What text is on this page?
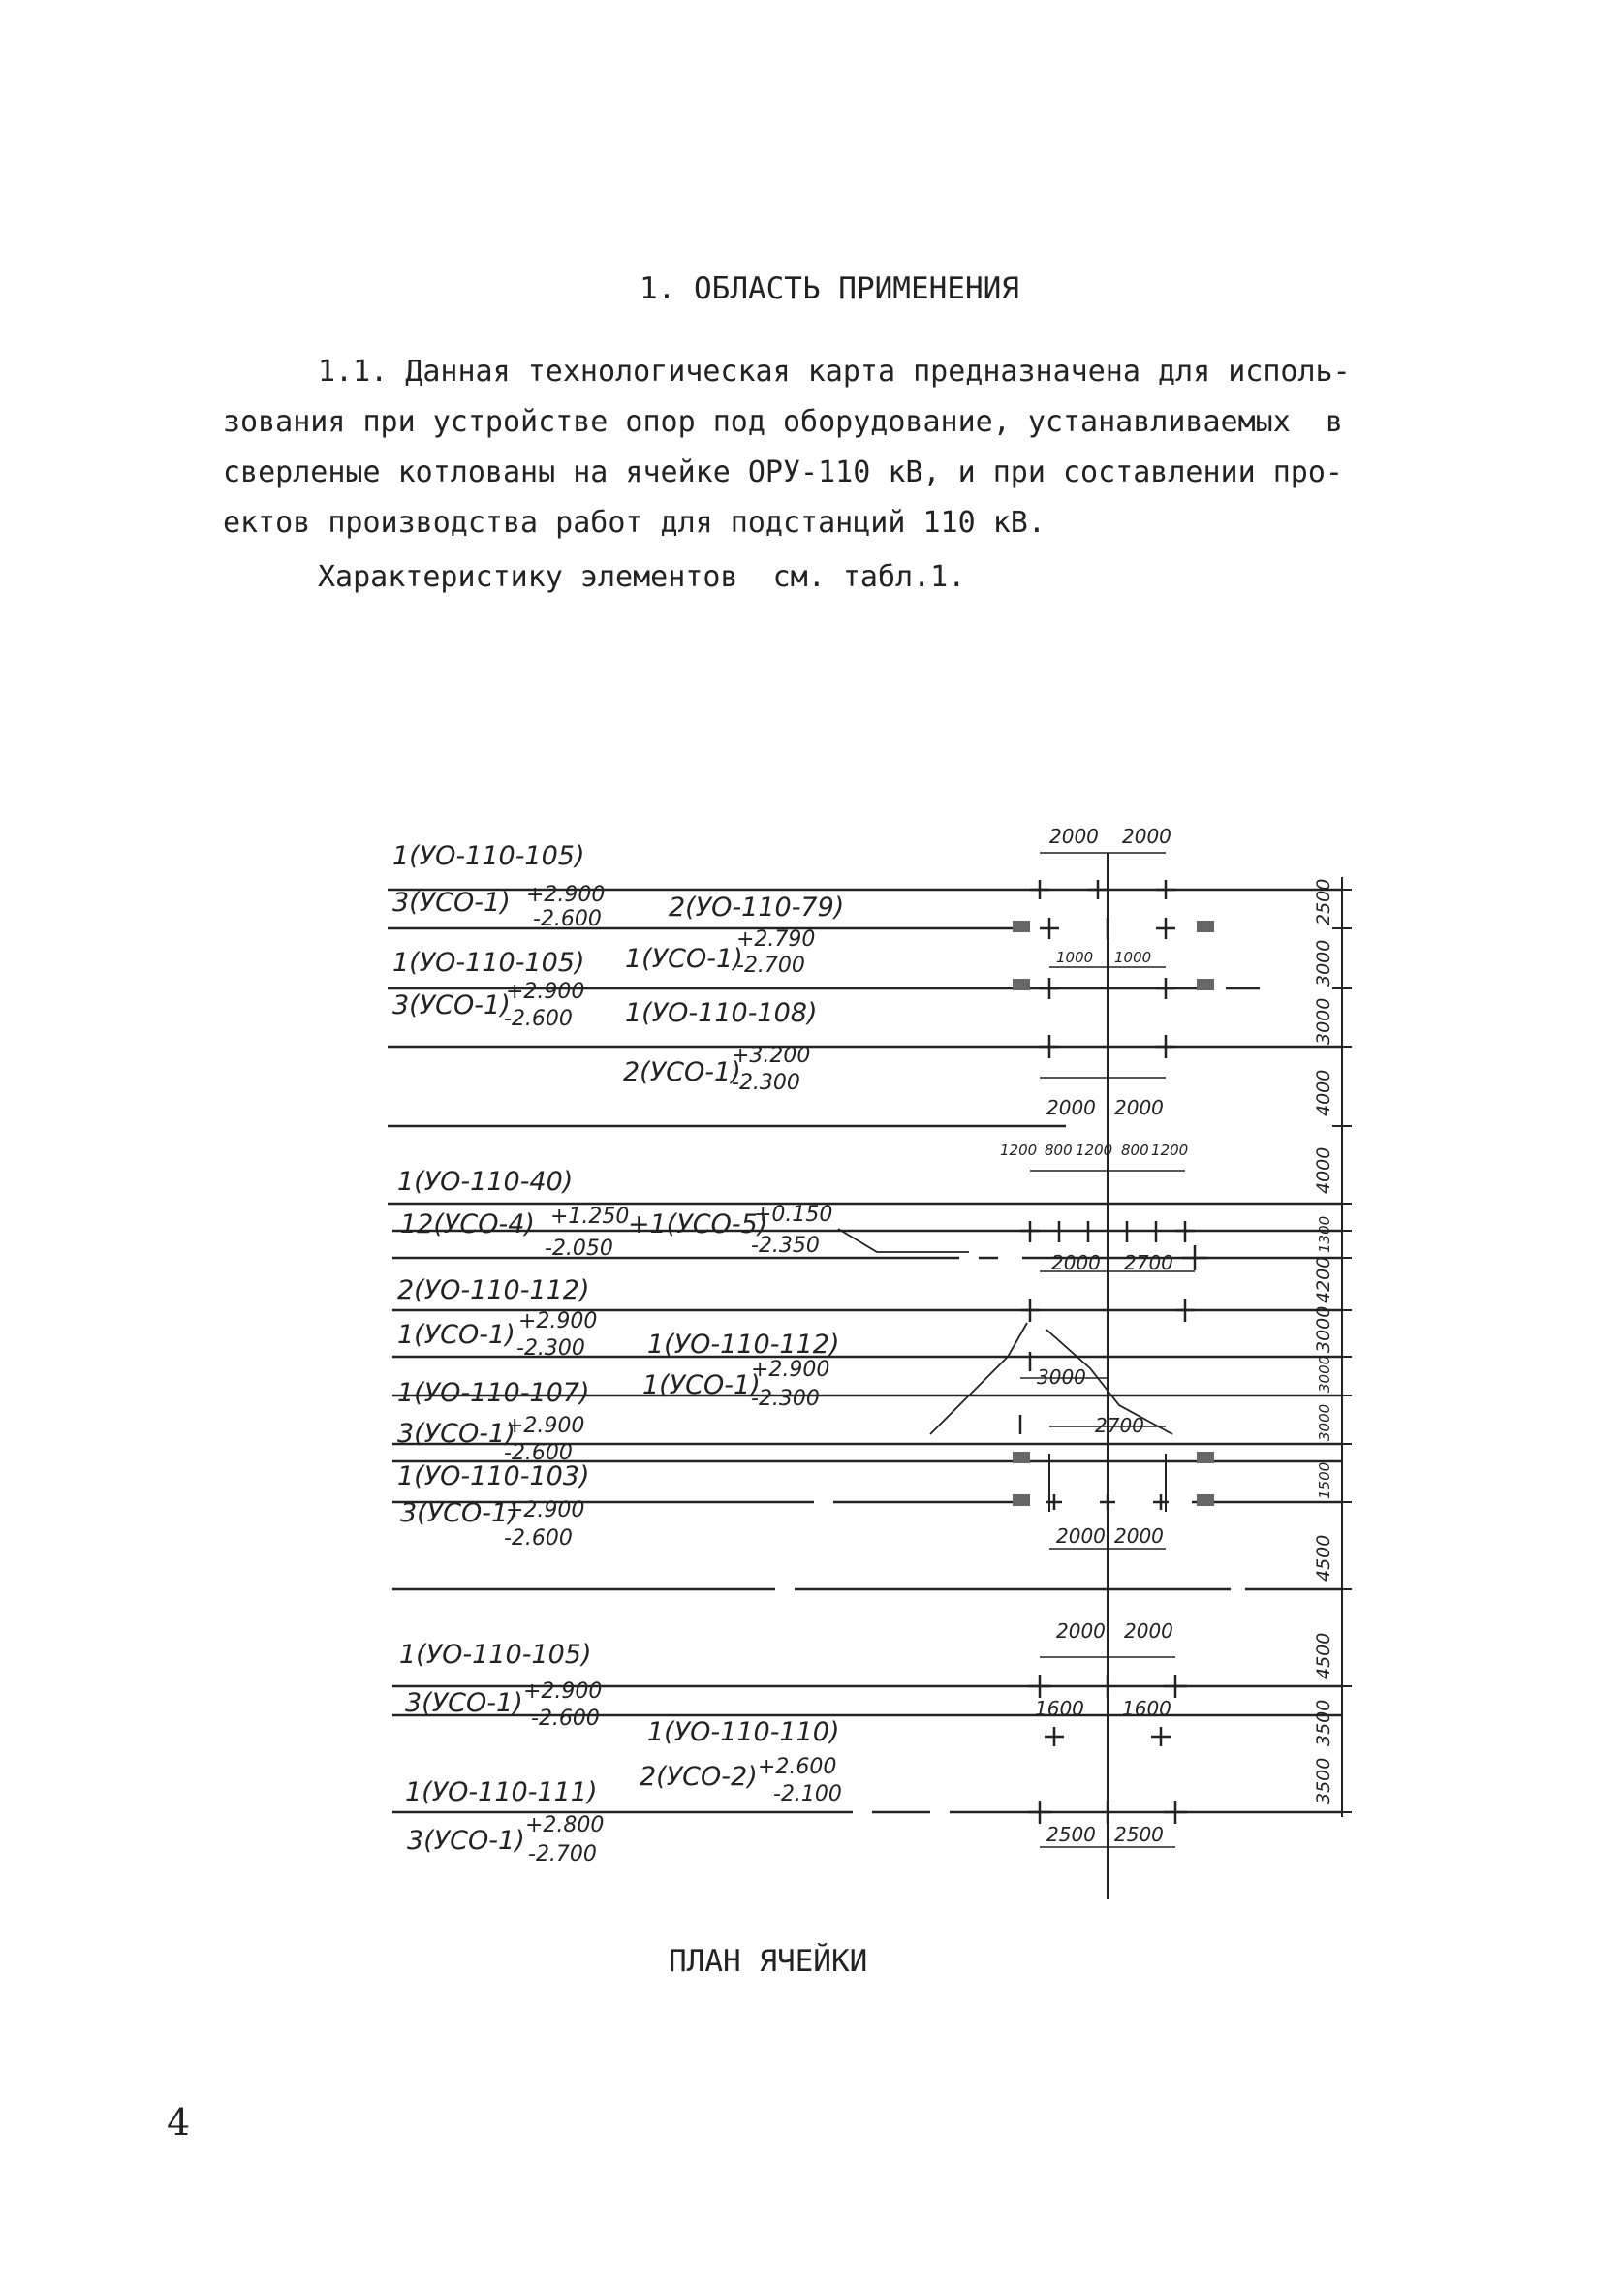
1. ОБЛАСТЬ ПРИМЕНЕНИЯ
1.1. Данная технологическая карта предназначена для исполь-
зования при устройстве опор под оборудование, устанавливаемых  в
сверленые котлованы на ячейке ОРУ-110 кВ, и при составлении про-
ектов производства работ для подстанций 110 кВ.
Характеристику элементов  см. табл.1.
1(УО-110-105)
3(УСО-1) +2.900
-2.600	2(УО-110-79)
1(УО-110-105) 1(УСО-1)
+2.790
-2.700
3(УСО-1)
+2.900
-2.600 1(УО-110-108)
2(УСО-1)
+3.200
-2.300
1(УО-110-40)
12(УСО-4) +1.250
-2.050
+1(УСО-5)
+0.150
-2.350
2(УО-110-112)
1(УСО-1) +2.900
-2.300 1(УО-110-112)
1(УО-110-107) 1(УСО-1)
+2.900
-2.300
3(УСО-1)
+2.900
-2.600
1(УО-110-103)
3(УСО-1)
+2.900
-2.600
1(УО-110-105)
3(УСО-1) +2.900
-2.600 1(УО-110-110)
2(УСО-2) +2.600
-2.100
1(УО-110-111)
3(УСО-1)
+2.800
-2.700
2000 2000
1000 1000
2000 2000
1200 800 1200 800 1200
2000 2700
3000
2700
2000 2000
2000 2000
1600 1600
2500 2500
2500
3000
3000
4000
4000
1300
4200
3000
3000
3000
1500
4500
4500
3500
3500
ПЛАН ЯЧЕЙКИ
4
